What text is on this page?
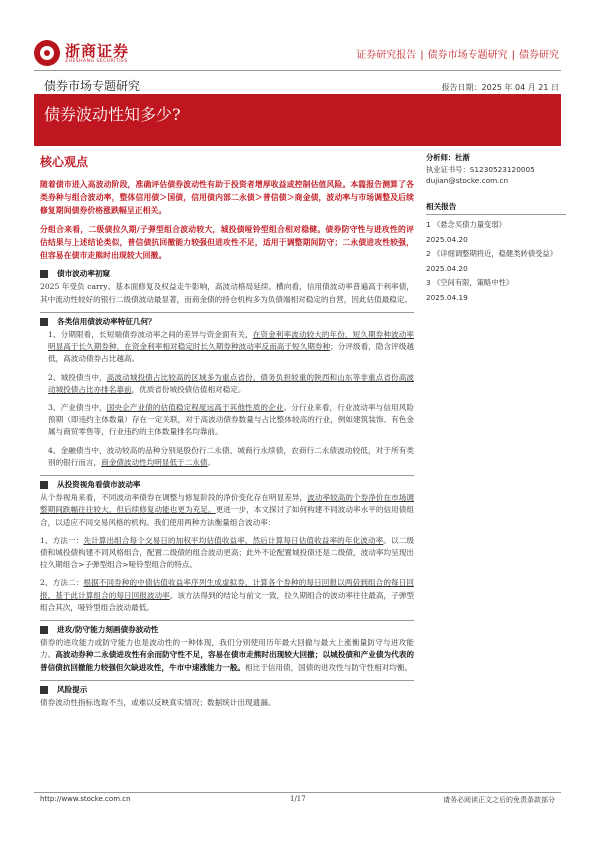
浙商证券
ZHESHANG SECURITIES	证券研究报告 | 债券市场专题研究 | 债券研究
债券市场专题研究	报告日期：2025 年 04 月 21 日
债券波动性知多少?
核心观点
随着债市进入高波动阶段，准确评估债券波动性有助于投资者增厚收益或控制估值风险。本篇报告测算了各类券种与组合波动率，整体信用债＞国债，信用债内部二永债＞普信债＞商金债，波动率与市场调整及后续修复期间债券价格涨跌幅呈正相关。
分组合来看，二级债拉久期/子弹型组合波动较大，城投债哑铃型组合相对稳健。债券防守性与进攻性的评估结果与上述结论类似，普信债抗回撤能力较强但进攻性不足，适用于调整期间防守；二永债进攻性较强，但容易在债市走熊时出现较大回撤。
债市波动率初窥
2025 年受负 carry、基本面修复及权益走牛影响，高波动格局延续。横向看，信用债波动率普遍高于利率债，其中流动性较好的银行二级债波动最显著，而商金债的持仓机构多为负债端相对稳定的自营，因此估值最稳定。
各类信用债波动率特征几何？
1、分期限看，长短端债券波动率之间的差异与资金面有关，在资金利率波动较大的年份，短久期券种波动率明显高于长久期券种，在资金利率相对稳定时长久期券种波动率反而高于短久期券种；分评级看，隐含评级越低，高波动债券占比越高。
2、城投债当中，高波动城投债占比较高的区域多为重点省份，债务负担较重的陕西和山东等非重点省份高波动城投债占比亦排名靠前，优质省份城投债估值相对稳定。
3、产业债当中，国央企产业债的估值稳定程度远高于其他性质的企业。分行业来看，行业波动率与信用风险预期（即违约主体数量）存在一定关联，对于高波动债券数量与占比整体较高的行业，例如建筑装饰、有色金属与商贸零售等，行业违约的主体数量排名均靠前。
4、金融债当中，波动较高的品种分别是股份行二永债、城商行永续债，农商行二永债波动较低，对于所有类别的银行而言，商金债波动性均明显低于二永债。
从投资视角看债市波动率
从个券视角来看，不同波动率债券在调整与修复阶段的净价变化存在明显差异，波动率较高的个券净价在市场调整期间跌幅往往较大，但后续修复动能也更为充足。更进一步，本文探讨了如何构建不同波动率水平的信用债组合，以适应不同交易风格的机构。我们使用两种方法衡量组合波动率：
1、方法一：先计算出组合每个交易日的加权平均估值收益率，然后计算每日估值收益率的年化波动率。以二级债和城投债构建不同风格组合，配置二级债的组合波动更高；此外不论配置城投债还是二级债，波动率均呈现出拉久期组合>子弹型组合>哑铃型组合的特点。
2、方法二：根据不同券种的中债估值收益率序列生成虚拟券，计算各个券种的每日回报以两倍到组合的每日回报，基于此计算组合的每日回报波动率。该方法得到的结论与前文一致，拉久期组合的波动率往往最高，子弹型组合其次，哑铃型组合波动最低。
进攻/防守能力刻画债券波动性
债券的进攻能力或防守能力也是波动性的一种体现，我们分别使用历年最大回撤与最大上涨衡量防守与进攻能力。高波动券种二永债进攻性有余而防守性不足，容易在债市走熊时出现较大回撤；以城投债和产业债为代表的普信债抗回撤能力较强但欠缺进攻性，牛市中速涨能力一般。相比于信用债，国债的进攻性与防守性相对均衡。
风险提示
债券波动性指标选取不当，或难以反映真实情况；数据统计出现遗漏。
分析师：杜渐
执业证书号：S1230523120005
dujian@stocke.com.cn
相关报告
1 《悬念买债力量变弱》
2025.04.20
2 《详细调整期将近，稳健类转债受益》
2025.04.20
3 《空间有限，策略中性》
2025.04.19
http://www.stocke.com.cn	1/17	请务必阅读正文之后的免责条款部分
